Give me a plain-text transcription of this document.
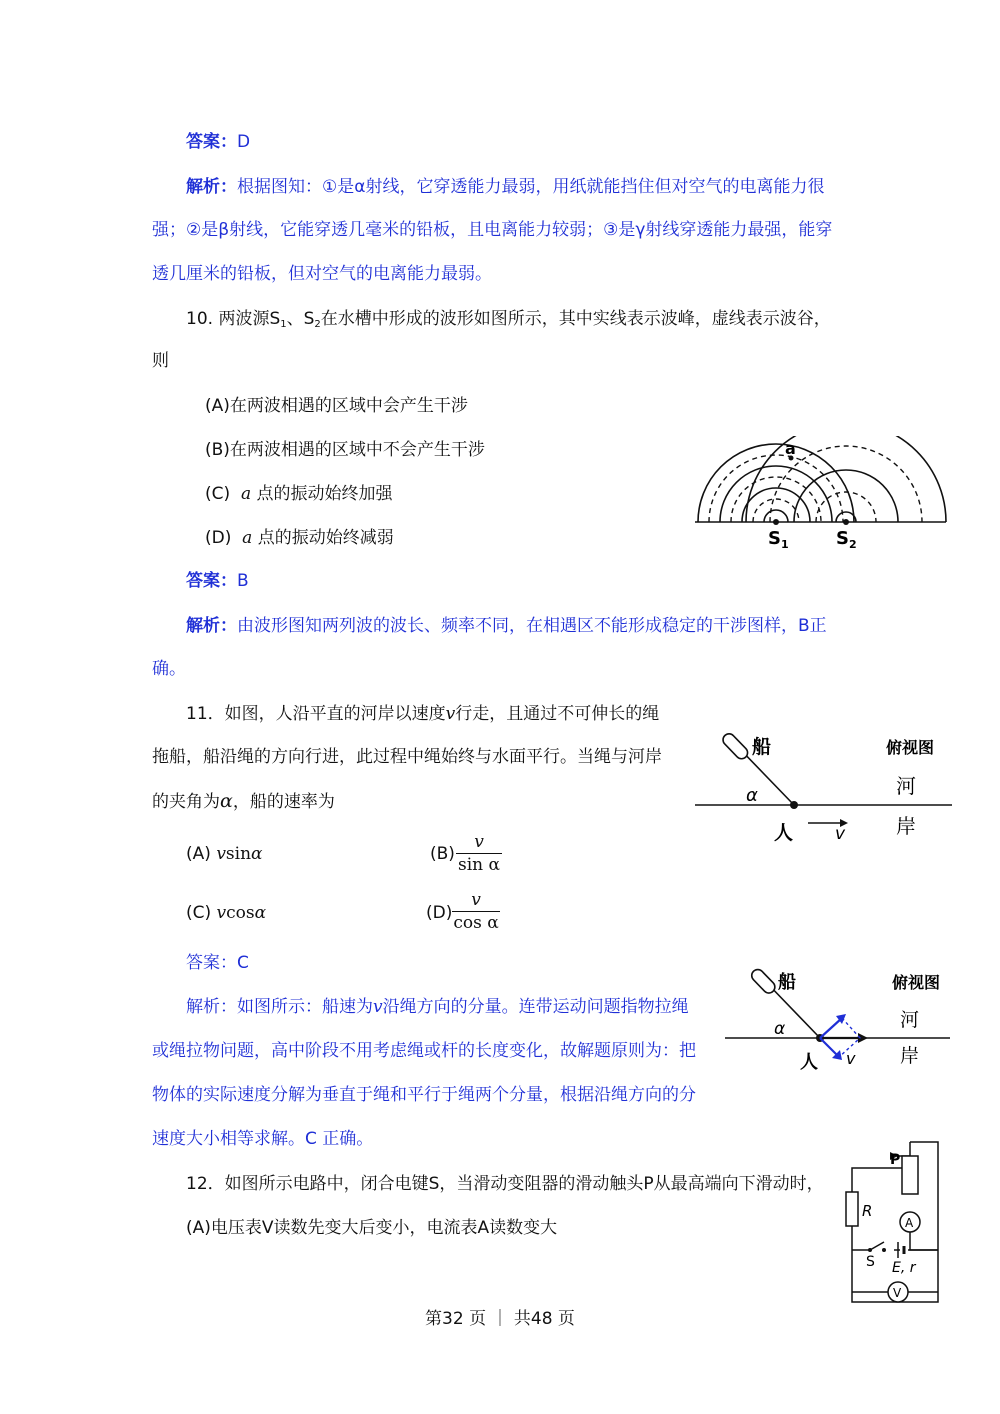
答案：D
解析：根据图知：①是α射线，它穿透能力最弱，用纸就能挡住但对空气的电离能力很
强；②是β射线，它能穿透几毫米的铅板，且电离能力较弱；③是γ射线穿透能力最强，能穿
透几厘米的铅板，但对空气的电离能力最弱。
10. 两波源$S_1$、$S_2$在水槽中形成的波形如图所示，其中实线表示波峰，虚线表示波谷，
则
(A)在两波相遇的区域中会产生干涉
(B)在两波相遇的区域中不会产生干涉
(C) a 点的振动始终加强
(D) a 点的振动始终减弱
答案：B
解析：由波形图知两列波的波长、频率不同，在相遇区不能形成稳定的干涉图样，B正
确。
a
$S_1$	$S_2$
11．如图，人沿平直的河岸以速度v行走，且通过不可伸长的绳
拖船，船沿绳的方向行进，此过程中绳始终与水面平行。当绳与河岸
的夹角为α，船的速率为
(A) vsinα	(B)
v
sin α
(C) vcosα	(D)
v
cos α
答案：C
解析：如图所示：船速为v沿绳方向的分量。连带运动问题指物拉绳
或绳拉物问题，高中阶段不用考虑绳或杆的长度变化，故解题原则为：把
物体的实际速度分解为垂直于绳和平行于绳两个分量，根据沿绳方向的分
速度大小相等求解。C 正确。
船	俯视图
河
岸
人
α
v
船	俯视图
河
岸
人
α
v
12．如图所示电路中，闭合电键S，当滑动变阻器的滑动触头P从最高端向下滑动时，
(A)电压表V读数先变大后变小，电流表A读数变大
P
R
A
S E, r
V
第32 页 ｜ 共48 页
